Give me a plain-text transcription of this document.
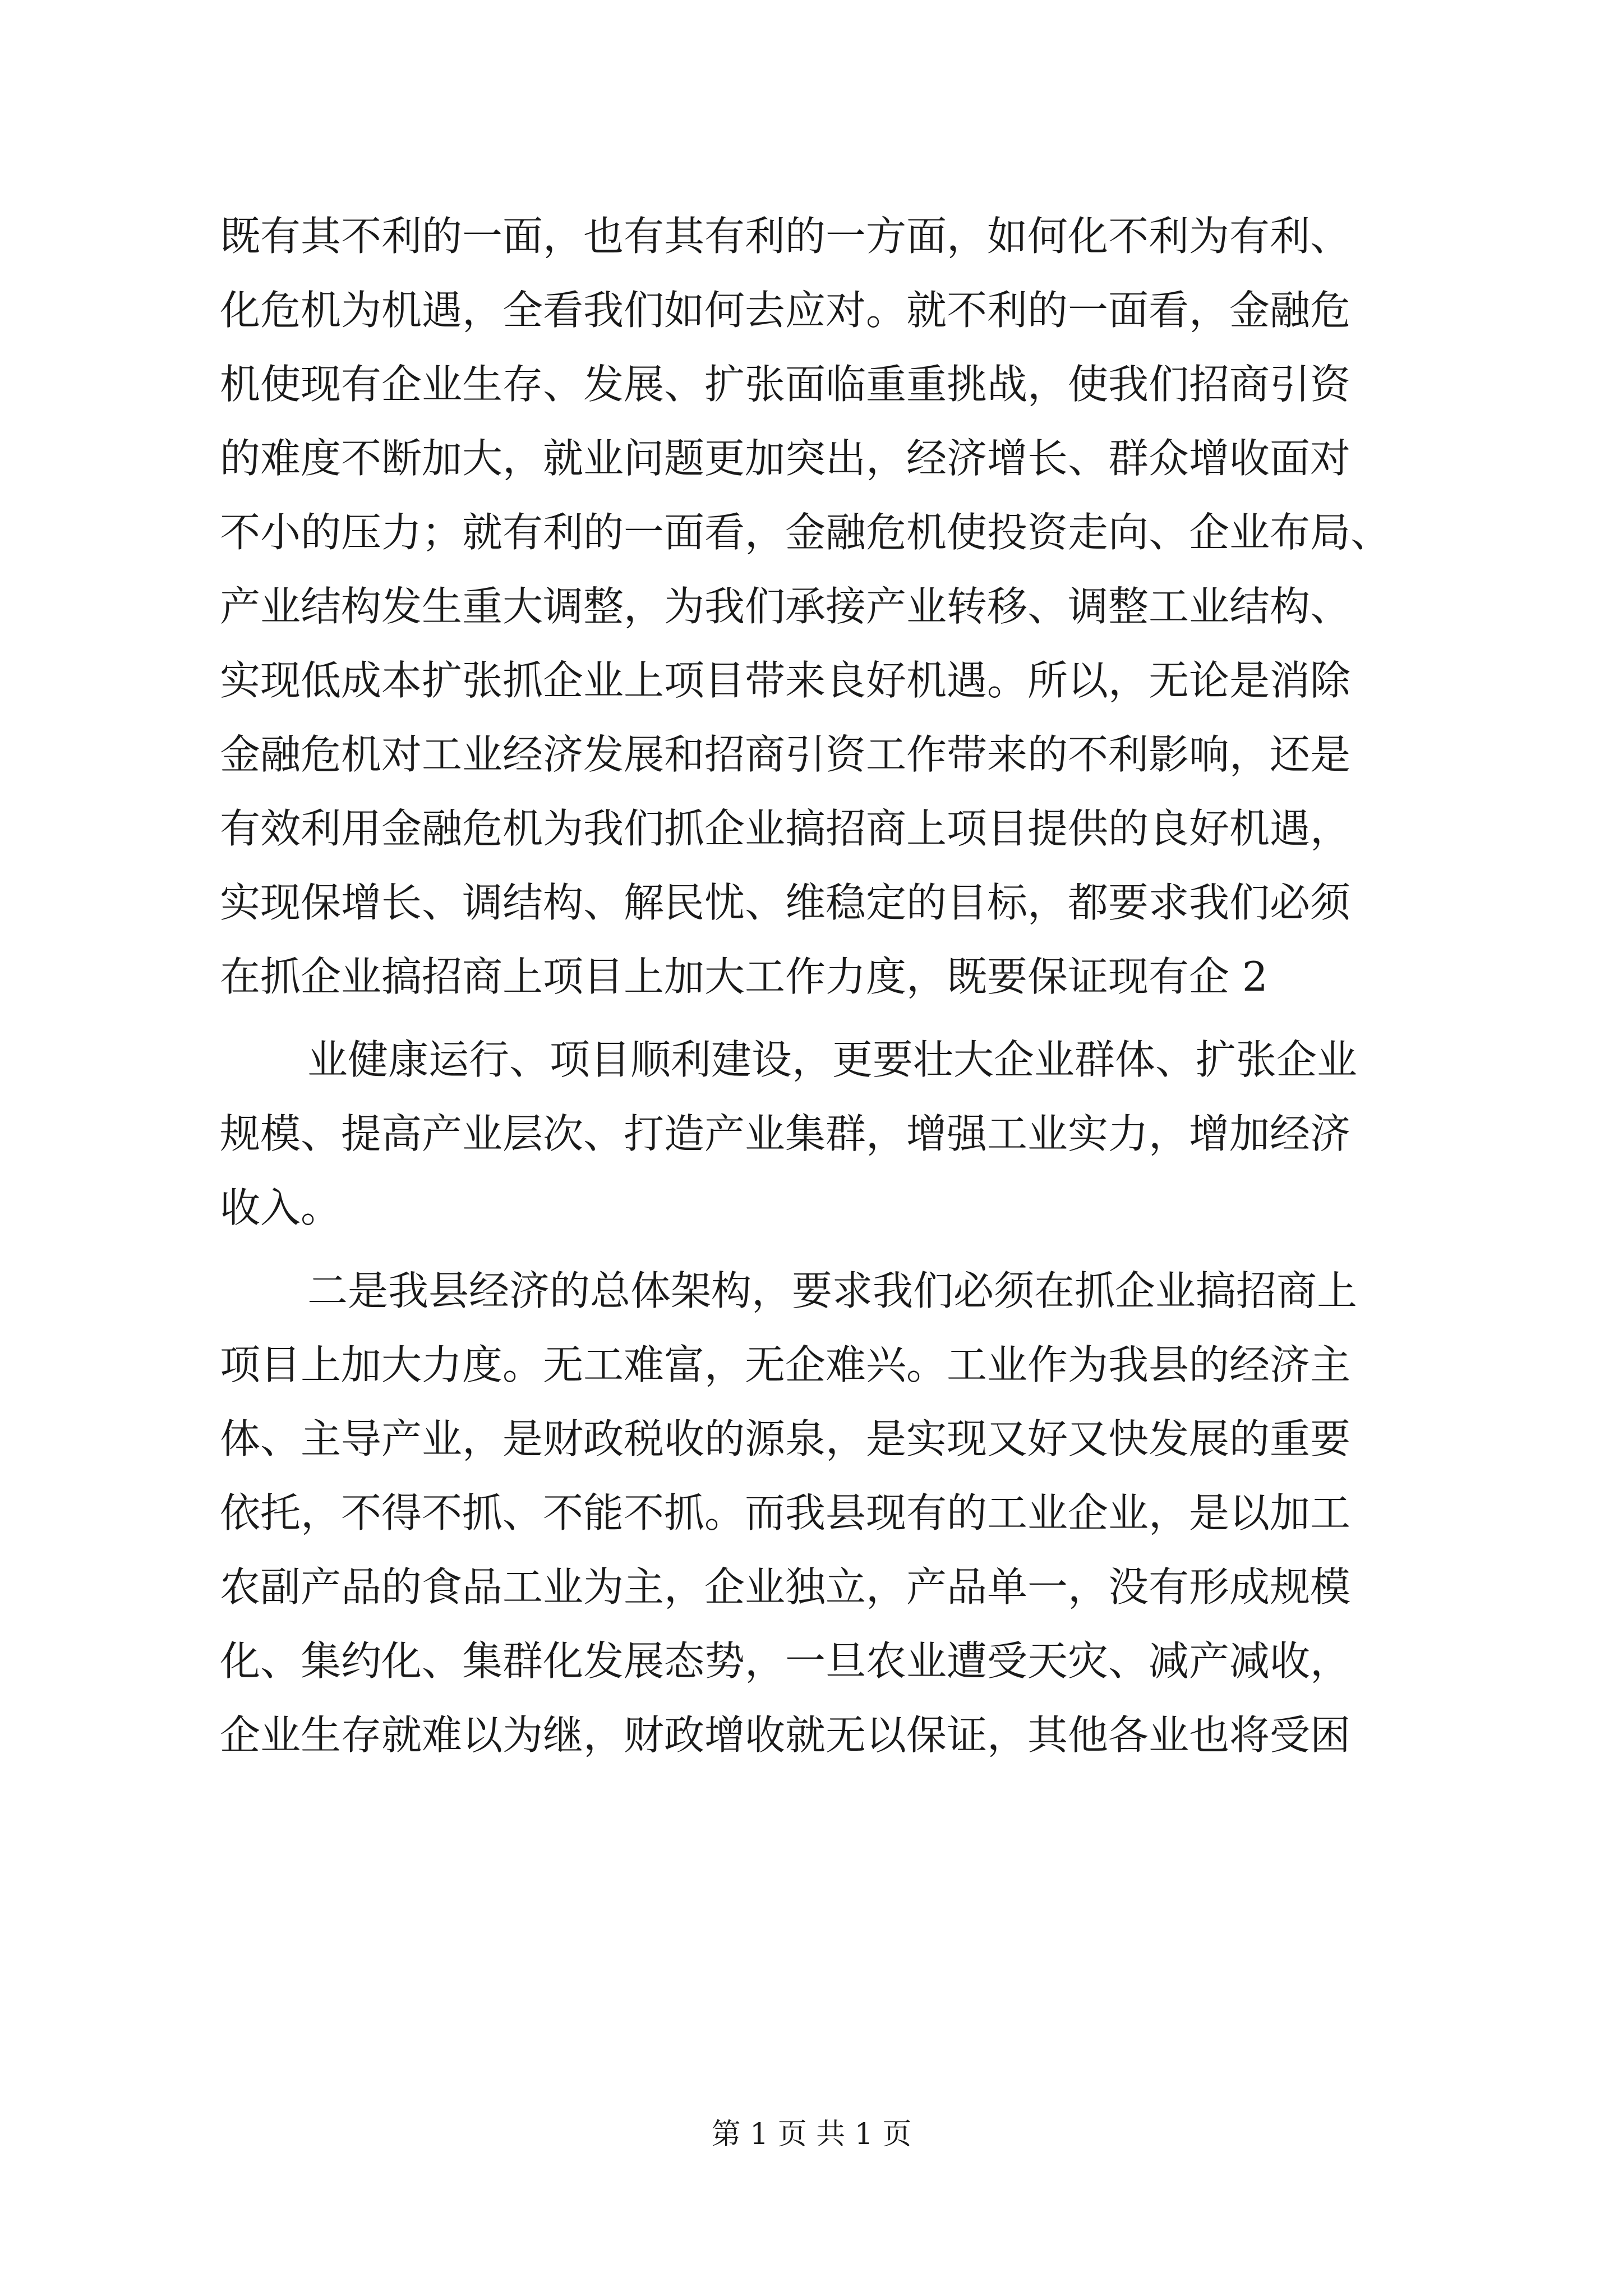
既有其不利的一面，也有其有利的一方面，如何化不利为有利、
化危机为机遇，全看我们如何去应对。就不利的一面看，金融危
机使现有企业生存、发展、扩张面临重重挑战，使我们招商引资
的难度不断加大，就业问题更加突出，经济增长、群众增收面对
不小的压力；就有利的一面看，金融危机使投资走向、企业布局、
产业结构发生重大调整，为我们承接产业转移、调整工业结构、
实现低成本扩张抓企业上项目带来良好机遇。所以，无论是消除
金融危机对工业经济发展和招商引资工作带来的不利影响，还是
有效利用金融危机为我们抓企业搞招商上项目提供的良好机遇，
实现保增长、调结构、解民忧、维稳定的目标，都要求我们必须
在抓企业搞招商上项目上加大工作力度，既要保证现有企 2
业健康运行、项目顺利建设，更要壮大企业群体、扩张企业
规模、提高产业层次、打造产业集群，增强工业实力，增加经济
收入。
二是我县经济的总体架构，要求我们必须在抓企业搞招商上
项目上加大力度。无工难富，无企难兴。工业作为我县的经济主
体、主导产业，是财政税收的源泉，是实现又好又快发展的重要
依托，不得不抓、不能不抓。而我县现有的工业企业，是以加工
农副产品的食品工业为主，企业独立，产品单一，没有形成规模
化、集约化、集群化发展态势，一旦农业遭受天灾、减产减收，
企业生存就难以为继，财政增收就无以保证，其他各业也将受困
第 1 页 共 1 页
